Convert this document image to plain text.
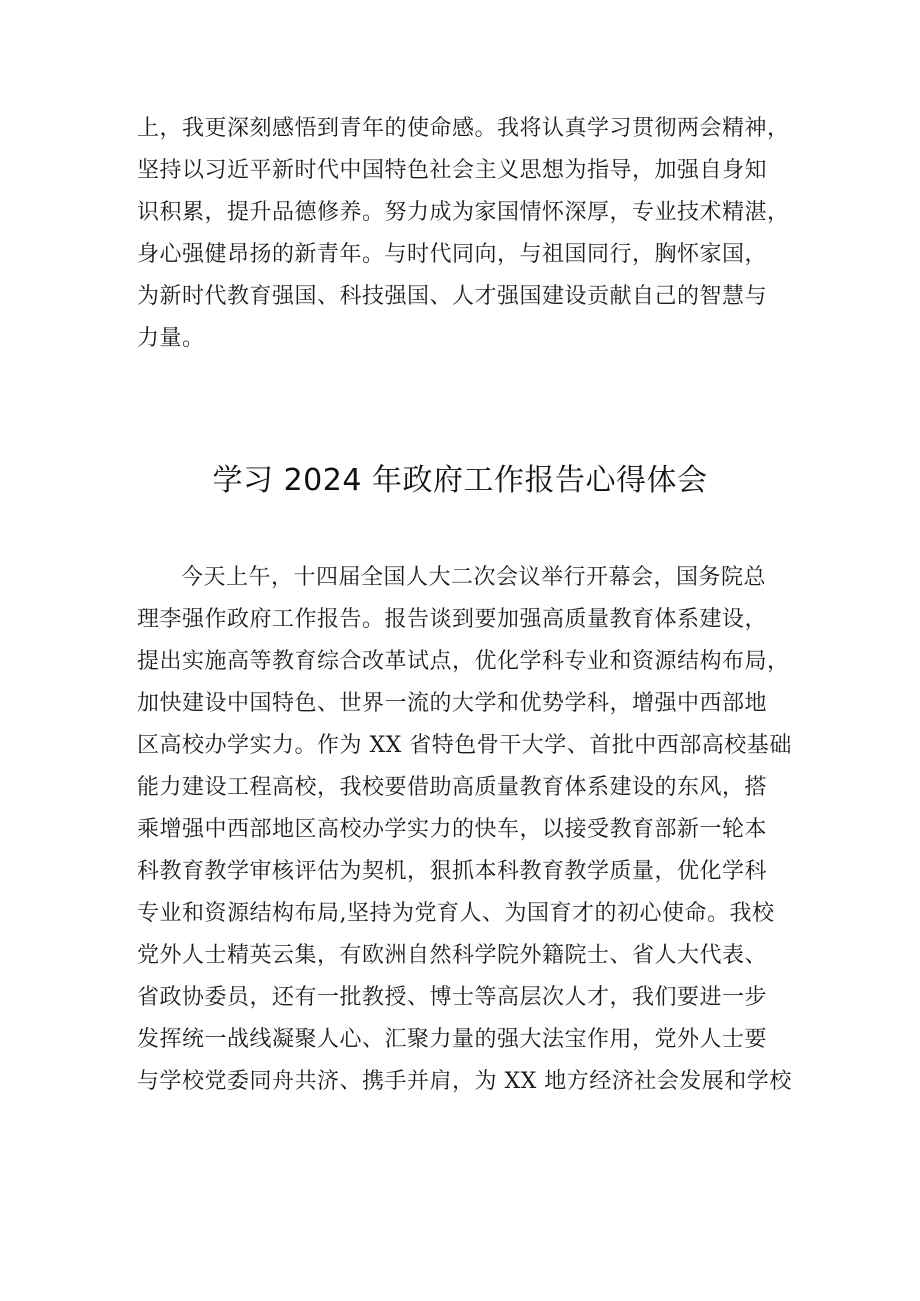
上，我更深刻感悟到青年的使命感。我将认真学习贯彻两会精神，
坚持以习近平新时代中国特色社会主义思想为指导，加强自身知
识积累，提升品德修养。努力成为家国情怀深厚，专业技术精湛，
身心强健昂扬的新青年。与时代同向，与祖国同行，胸怀家国，
为新时代教育强国、科技强国、人才强国建设贡献自己的智慧与
力量。
学习 2024 年政府工作报告心得体会
今天上午，十四届全国人大二次会议举行开幕会，国务院总
理李强作政府工作报告。报告谈到要加强高质量教育体系建设，
提出实施高等教育综合改革试点，优化学科专业和资源结构布局，
加快建设中国特色、世界一流的大学和优势学科，增强中西部地
区高校办学实力。作为 XX 省特色骨干大学、首批中西部高校基础
能力建设工程高校，我校要借助高质量教育体系建设的东风，搭
乘增强中西部地区高校办学实力的快车，以接受教育部新一轮本
科教育教学审核评估为契机，狠抓本科教育教学质量，优化学科
专业和资源结构布局,坚持为党育人、为国育才的初心使命。我校
党外人士精英云集，有欧洲自然科学院外籍院士、省人大代表、
省政协委员，还有一批教授、博士等高层次人才，我们要进一步
发挥统一战线凝聚人心、汇聚力量的强大法宝作用，党外人士要
与学校党委同舟共济、携手并肩，为 XX 地方经济社会发展和学校
